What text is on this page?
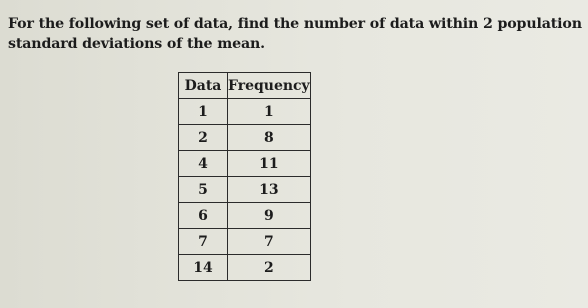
For the following set of data, find the number of data within 2 population standard deviations of the mean.
Data	Frequency
1	1
2	8
4	11
5	13
6	9
7	7
14	2
